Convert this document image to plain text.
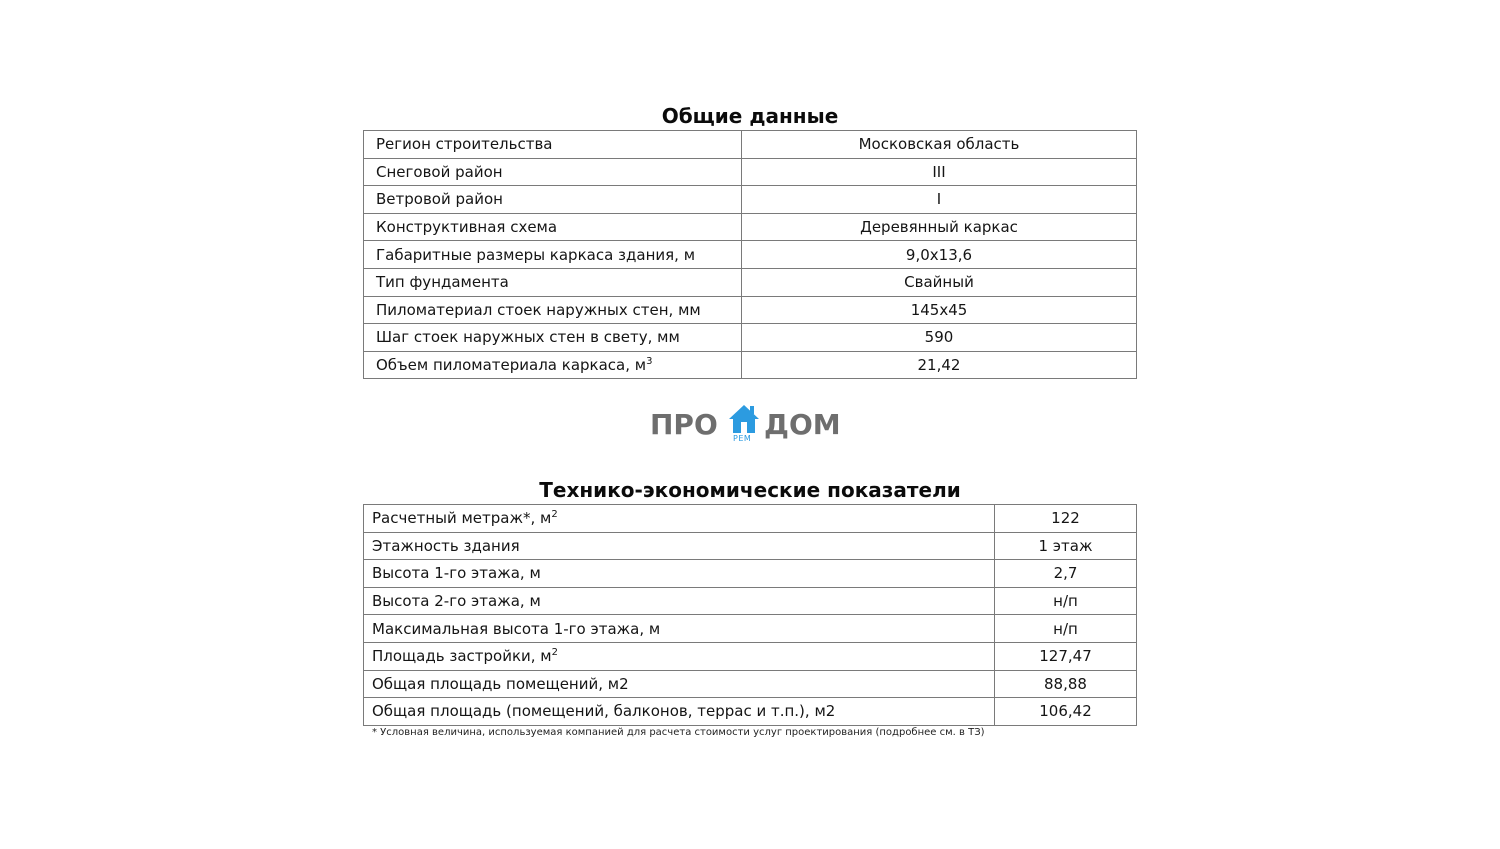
Общие данные
Регион строительства	Московская область
Снеговой район	III
Ветровой район	I
Конструктивная схема	Деревянный каркас
Габаритные размеры каркаса здания, м	9,0х13,6
Тип фундамента	Свайный
Пиломатериал стоек наружных стен, мм	145х45
Шаг стоек наружных стен в свету, мм	590
Объем пиломатериала каркаса, $м^3$	21,42
ПРО РЕМ ДОМ
Технико-экономические показатели
Расчетный метраж*, $м^2$	122
Этажность здания	1 этаж
Высота 1-го этажа, м	2,7
Высота 2-го этажа, м	н/п
Максимальная высота 1-го этажа, м	н/п
Площадь застройки, $м^2$	127,47
Общая площадь помещений, м2	88,88
Общая площадь (помещений, балконов, террас и т.п.), м2	106,42
* Условная величина, используемая компанией для расчета стоимости услуг проектирования (подробнее см. в ТЗ)
